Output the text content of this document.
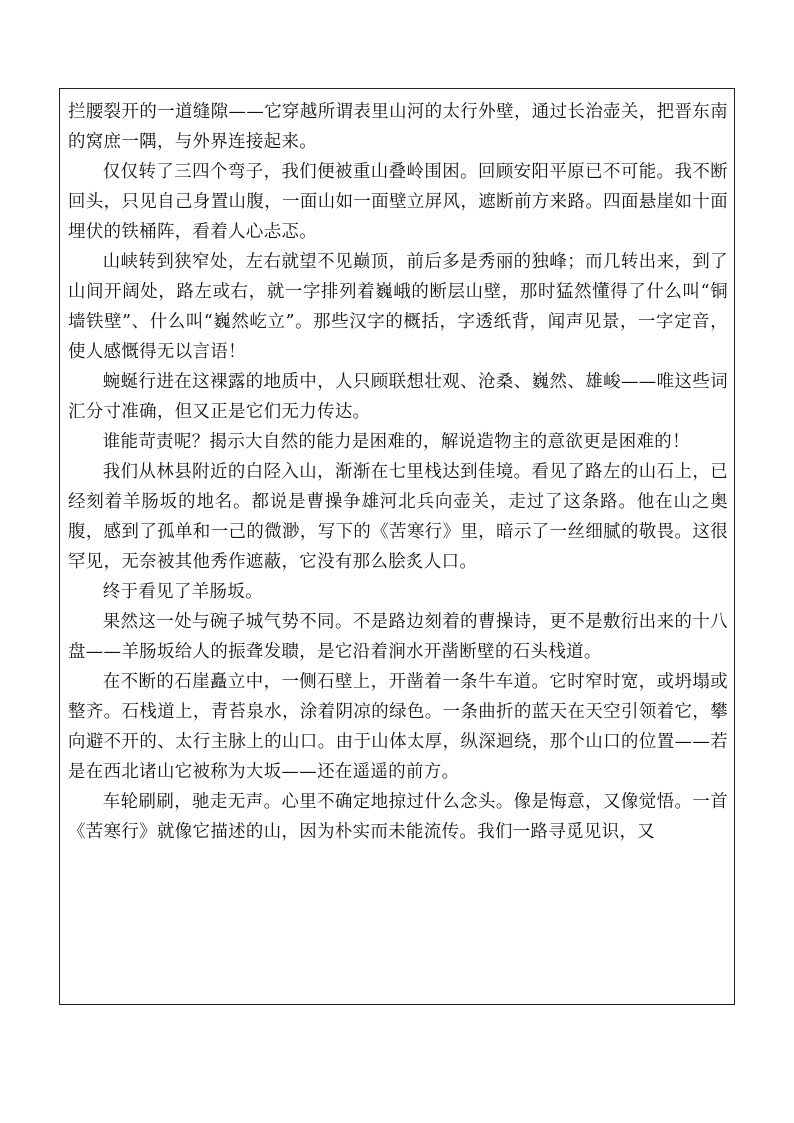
拦腰裂开的一道缝隙——它穿越所谓表里山河的太行外壁，通过长治壶关，把晋东南的窝庶一隅，与外界连接起来。

仅仅转了三四个弯子，我们便被重山叠岭围困。回顾安阳平原已不可能。我不断回头，只见自己身置山腹，一面山如一面壁立屏风，遮断前方来路。四面悬崖如十面埋伏的铁桶阵，看着人心忐忑。

山峡转到狭窄处，左右就望不见巅顶，前后多是秀丽的独峰；而几转出来，到了山间开阔处，路左或右，就一字排列着巍峨的断层山壁，那时猛然懂得了什么叫“铜墙铁壁”、什么叫“巍然屹立”。那些汉字的概括，字透纸背，闻声见景，一字定音，使人感慨得无以言语！

蜿蜒行进在这裸露的地质中，人只顾联想壮观、沧桑、巍然、雄峻——唯这些词汇分寸准确，但又正是它们无力传达。

谁能苛责呢？揭示大自然的能力是困难的，解说造物主的意欲更是困难的！

我们从林县附近的白陉入山，渐渐在七里栈达到佳境。看见了路左的山石上，已经刻着羊肠坂的地名。都说是曹操争雄河北兵向壶关，走过了这条路。他在山之奥腹，感到了孤单和一己的微渺，写下的《苦寒行》里，暗示了一丝细腻的敬畏。这很罕见，无奈被其他秀作遮蔽，它没有那么脍炙人口。

终于看见了羊肠坂。

果然这一处与碗子城气势不同。不是路边刻着的曹操诗，更不是敷衍出来的十八盘——羊肠坂给人的振聋发聩，是它沿着涧水开凿断壁的石头栈道。

在不断的石崖矗立中，一侧石壁上，开凿着一条牛车道。它时窄时宽，或坍塌或整齐。石栈道上，青苔泉水，涂着阴凉的绿色。一条曲折的蓝天在天空引领着它，攀向避不开的、太行主脉上的山口。由于山体太厚，纵深迴绕，那个山口的位置——若是在西北诸山它被称为大坂——还在遥遥的前方。

车轮刷刷，驰走无声。心里不确定地掠过什么念头。像是悔意，又像觉悟。一首《苦寒行》就像它描述的山，因为朴实而未能流传。我们一路寻觅见识，又
